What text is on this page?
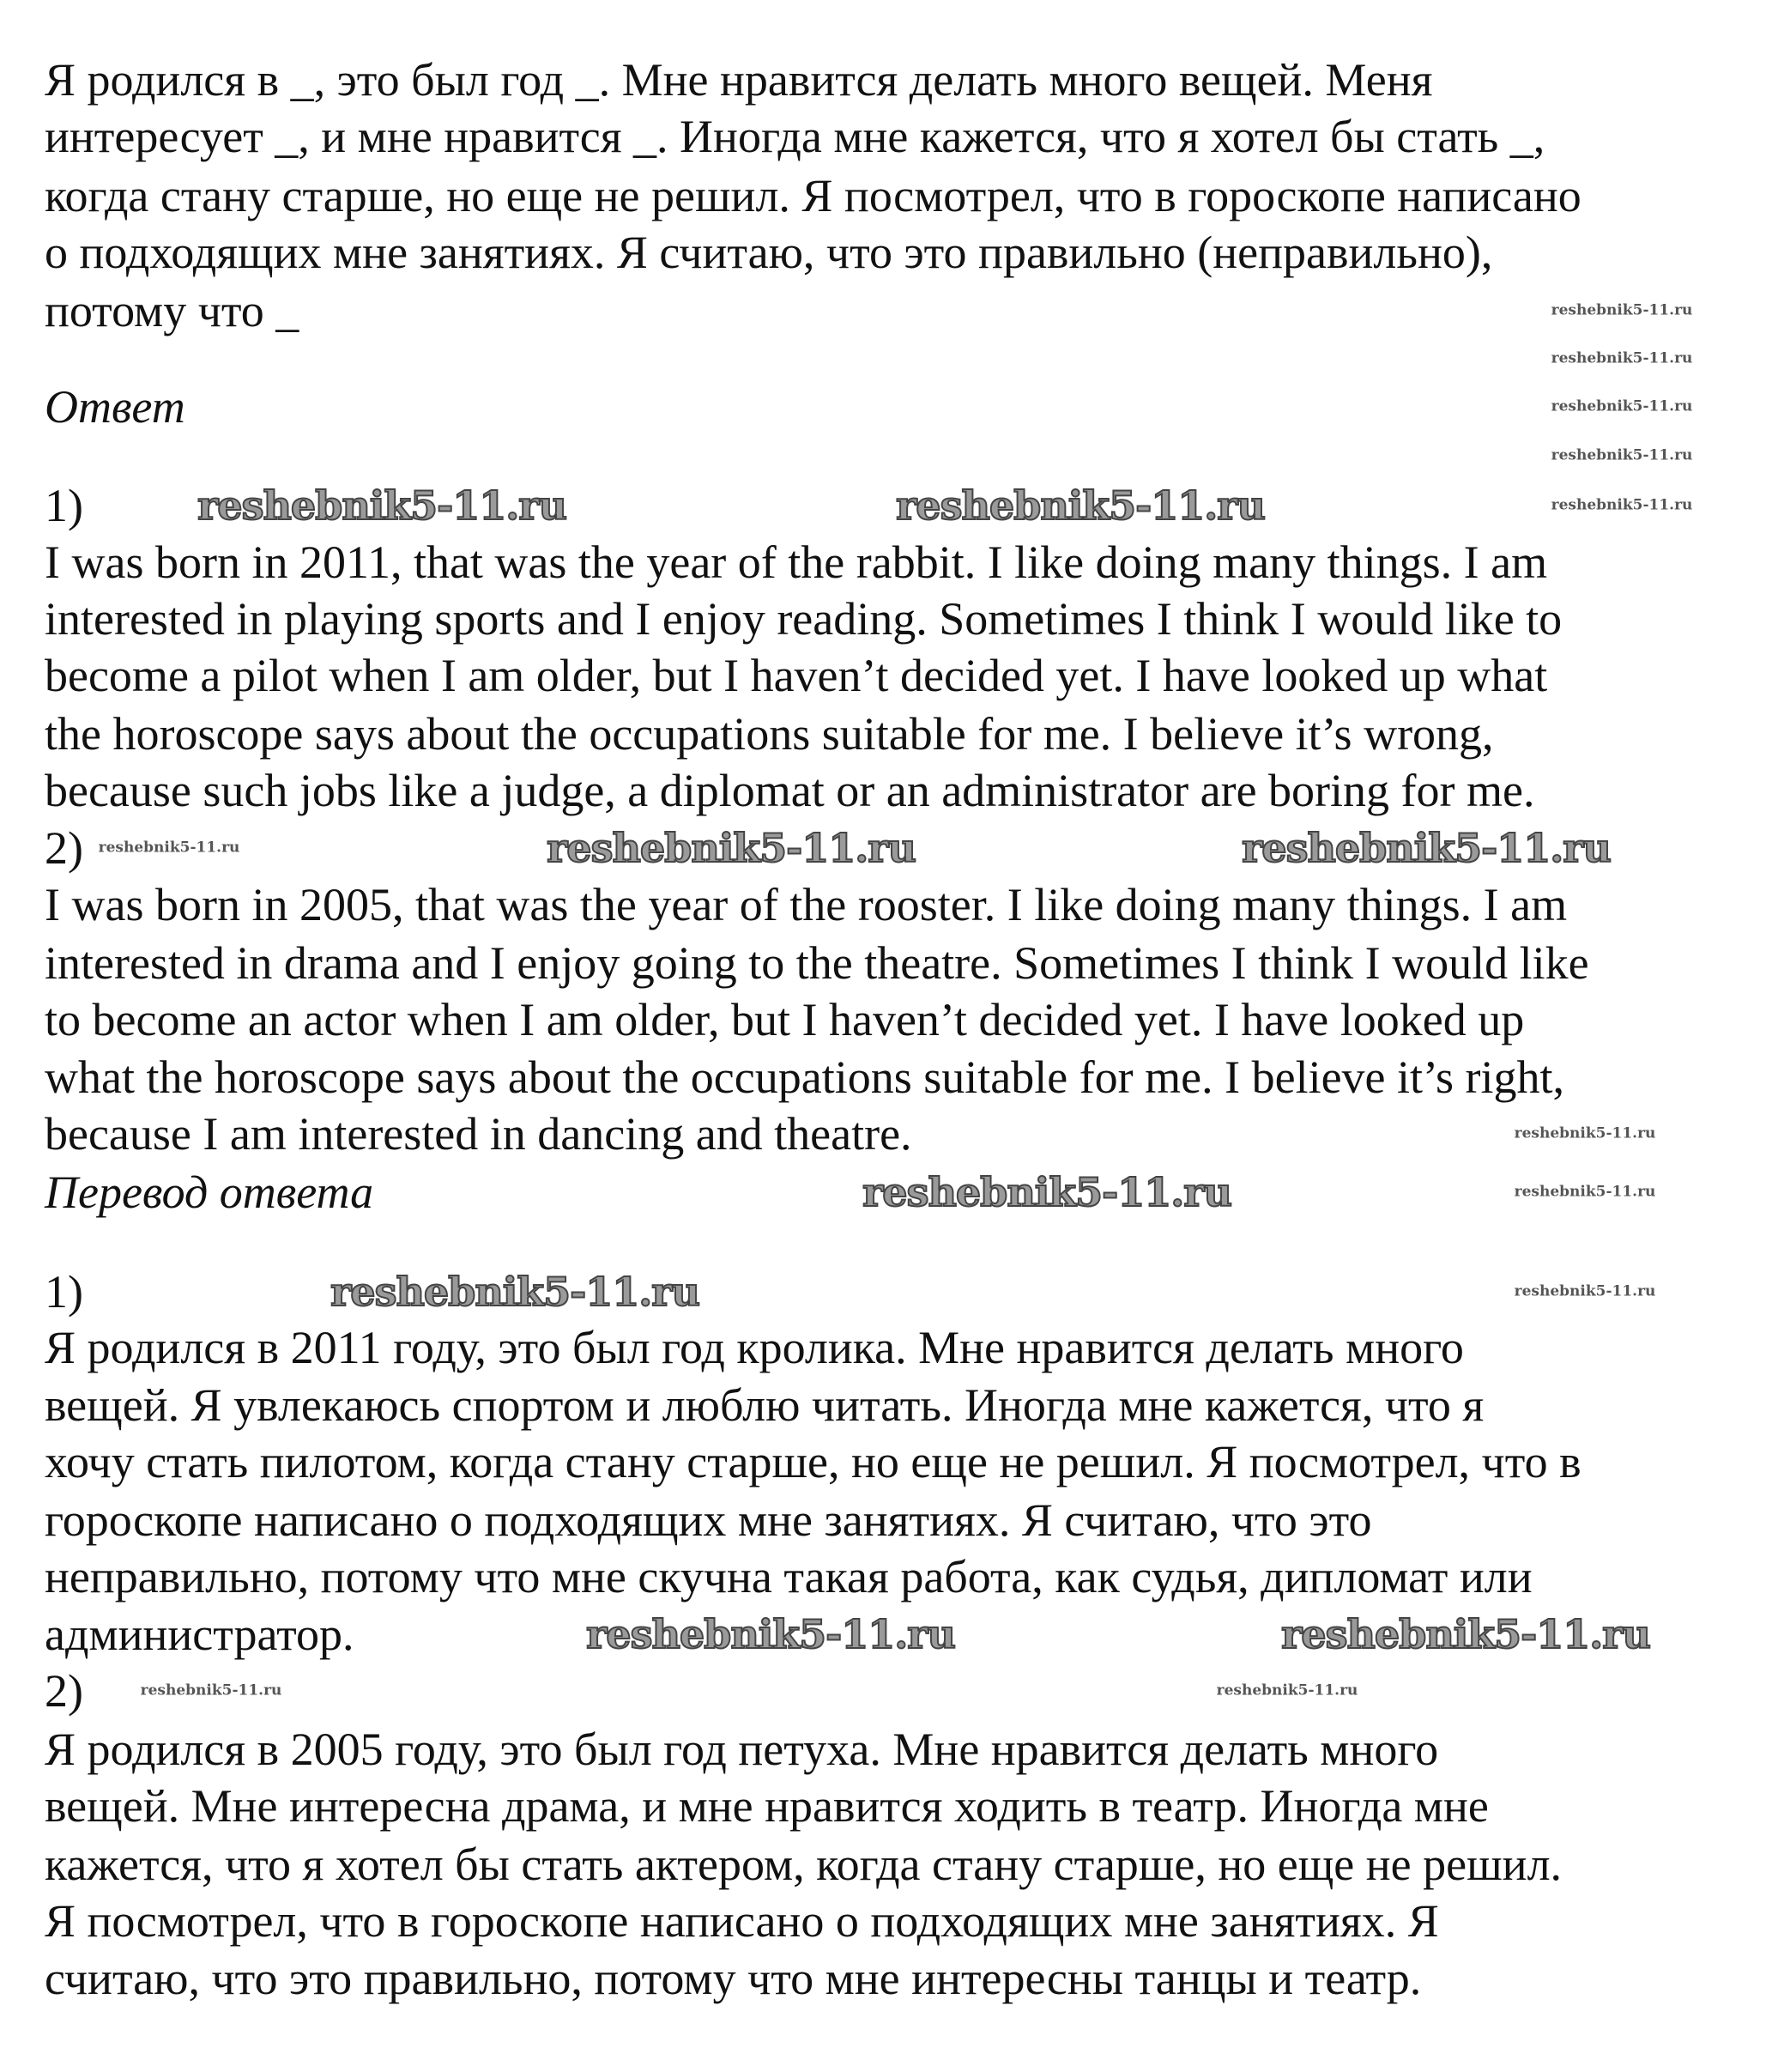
Я родился в _, это был год _. Мне нравится делать много вещей. Меня
интересует _, и мне нравится _. Иногда мне кажется, что я хотел бы стать _,
когда стану старше, но еще не решил. Я посмотрел, что в гороскопе написано
о подходящих мне занятиях. Я считаю, что это правильно (неправильно),
потому что _
Ответ
1)
I was born in 2011, that was the year of the rabbit. I like doing many things. I am
interested in playing sports and I enjoy reading. Sometimes I think I would like to
become a pilot when I am older, but I haven’t decided yet. I have looked up what
the horoscope says about the occupations suitable for me. I believe it’s wrong,
because such jobs like a judge, a diplomat or an administrator are boring for me.
2)
I was born in 2005, that was the year of the rooster. I like doing many things. I am
interested in drama and I enjoy going to the theatre. Sometimes I think I would like
to become an actor when I am older, but I haven’t decided yet. I have looked up
what the horoscope says about the occupations suitable for me. I believe it’s right,
because I am interested in dancing and theatre.
Перевод ответа
1)
Я родился в 2011 году, это был год кролика. Мне нравится делать много
вещей. Я увлекаюсь спортом и люблю читать. Иногда мне кажется, что я
хочу стать пилотом, когда стану старше, но еще не решил. Я посмотрел, что в
гороскопе написано о подходящих мне занятиях. Я считаю, что это
неправильно, потому что мне скучна такая работа, как судья, дипломат или
администратор.
2)
Я родился в 2005 году, это был год петуха. Мне нравится делать много
вещей. Мне интересна драма, и мне нравится ходить в театр. Иногда мне
кажется, что я хотел бы стать актером, когда стану старше, но еще не решил.
Я посмотрел, что в гороскопе написано о подходящих мне занятиях. Я
считаю, что это правильно, потому что мне интересны танцы и театр.
reshebnik5-11.ru	reshebnik5-11.ru
reshebnik5-11.ru	reshebnik5-11.ru
reshebnik5-11.ru
reshebnik5-11.ru
reshebnik5-11.ru	reshebnik5-11.ru
reshebnik5-11.ru
reshebnik5-11.ru
reshebnik5-11.ru
reshebnik5-11.ru
reshebnik5-11.ru
reshebnik5-11.ru
reshebnik5-11.ru
reshebnik5-11.ru
reshebnik5-11.ru
reshebnik5-11.ru	reshebnik5-11.ru
